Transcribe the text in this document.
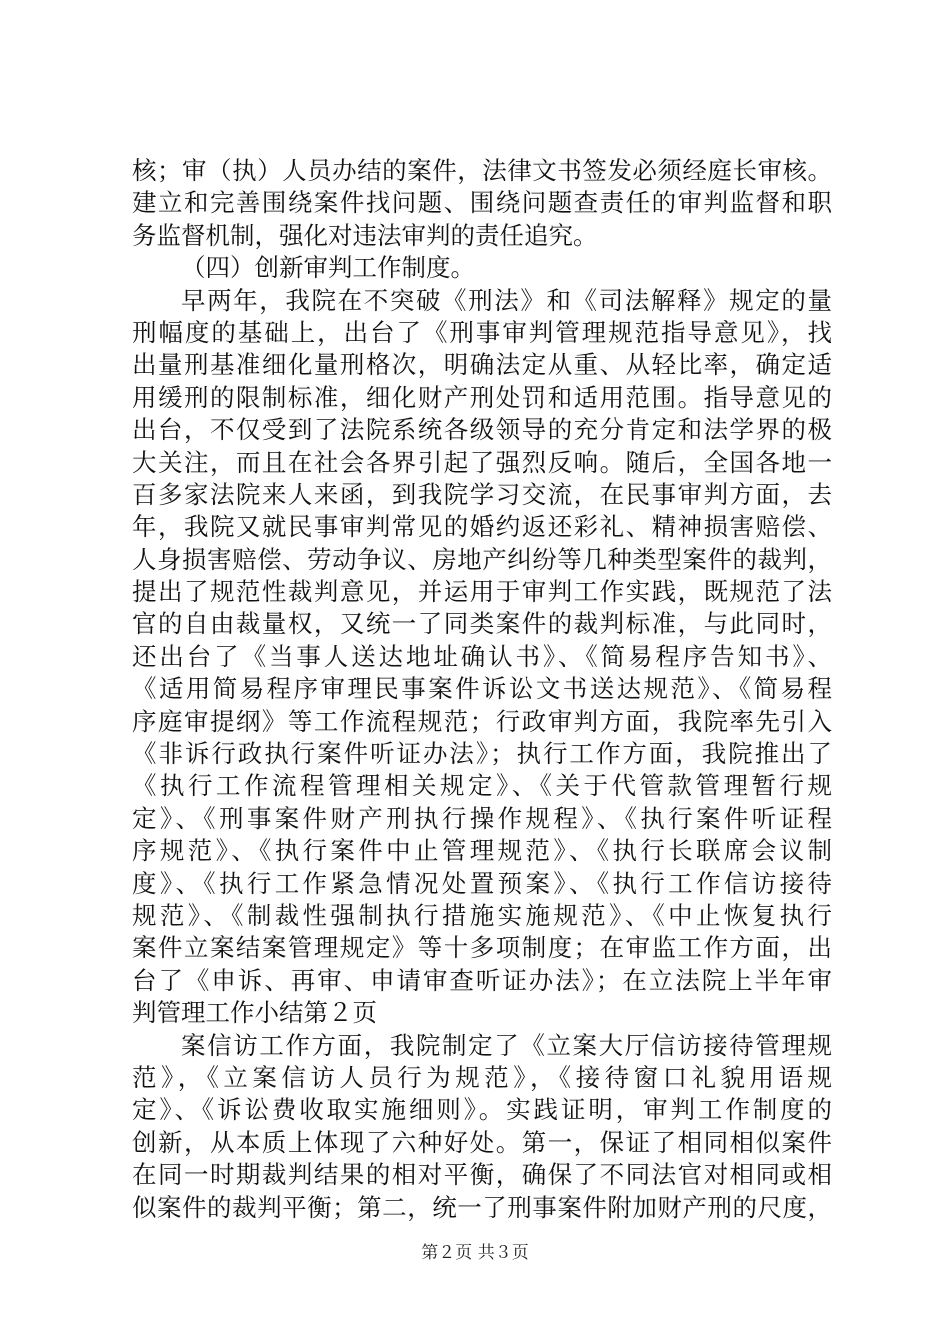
核；审（执）人员办结的案件，法律文书签发必须经庭长审核。
建立和完善围绕案件找问题、围绕问题查责任的审判监督和职
务监督机制，强化对违法审判的责任追究。
（四）创新审判工作制度。
早两年，我院在不突破《刑法》和《司法解释》规定的量
刑幅度的基础上，出台了《刑事审判管理规范指导意见》，找
出量刑基准细化量刑格次，明确法定从重、从轻比率，确定适
用缓刑的限制标准，细化财产刑处罚和适用范围。指导意见的
出台，不仅受到了法院系统各级领导的充分肯定和法学界的极
大关注，而且在社会各界引起了强烈反响。随后，全国各地一
百多家法院来人来函，到我院学习交流，在民事审判方面，去
年，我院又就民事审判常见的婚约返还彩礼、精神损害赔偿、
人身损害赔偿、劳动争议、房地产纠纷等几种类型案件的裁判，
提出了规范性裁判意见，并运用于审判工作实践，既规范了法
官的自由裁量权，又统一了同类案件的裁判标准，与此同时，
还出台了《当事人送达地址确认书》、《简易程序告知书》、
《适用简易程序审理民事案件诉讼文书送达规范》、《简易程
序庭审提纲》等工作流程规范；行政审判方面，我院率先引入
《非诉行政执行案件听证办法》；执行工作方面，我院推出了
《执行工作流程管理相关规定》、《关于代管款管理暂行规
定》、《刑事案件财产刑执行操作规程》、《执行案件听证程
序规范》、《执行案件中止管理规范》、《执行长联席会议制
度》、《执行工作紧急情况处置预案》、《执行工作信访接待
规范》、《制裁性强制执行措施实施规范》、《中止恢复执行
案件立案结案管理规定》等十多项制度；在审监工作方面，出
台了《申诉、再审、申请审查听证办法》；在立法院上半年审
判管理工作小结第２页
案信访工作方面，我院制定了《立案大厅信访接待管理规
范》，《立案信访人员行为规范》，《接待窗口礼貌用语规
定》、《诉讼费收取实施细则》。实践证明，审判工作制度的
创新，从本质上体现了六种好处。第一，保证了相同相似案件
在同一时期裁判结果的相对平衡，确保了不同法官对相同或相
似案件的裁判平衡；第二，统一了刑事案件附加财产刑的尺度，
第２页 共３页
